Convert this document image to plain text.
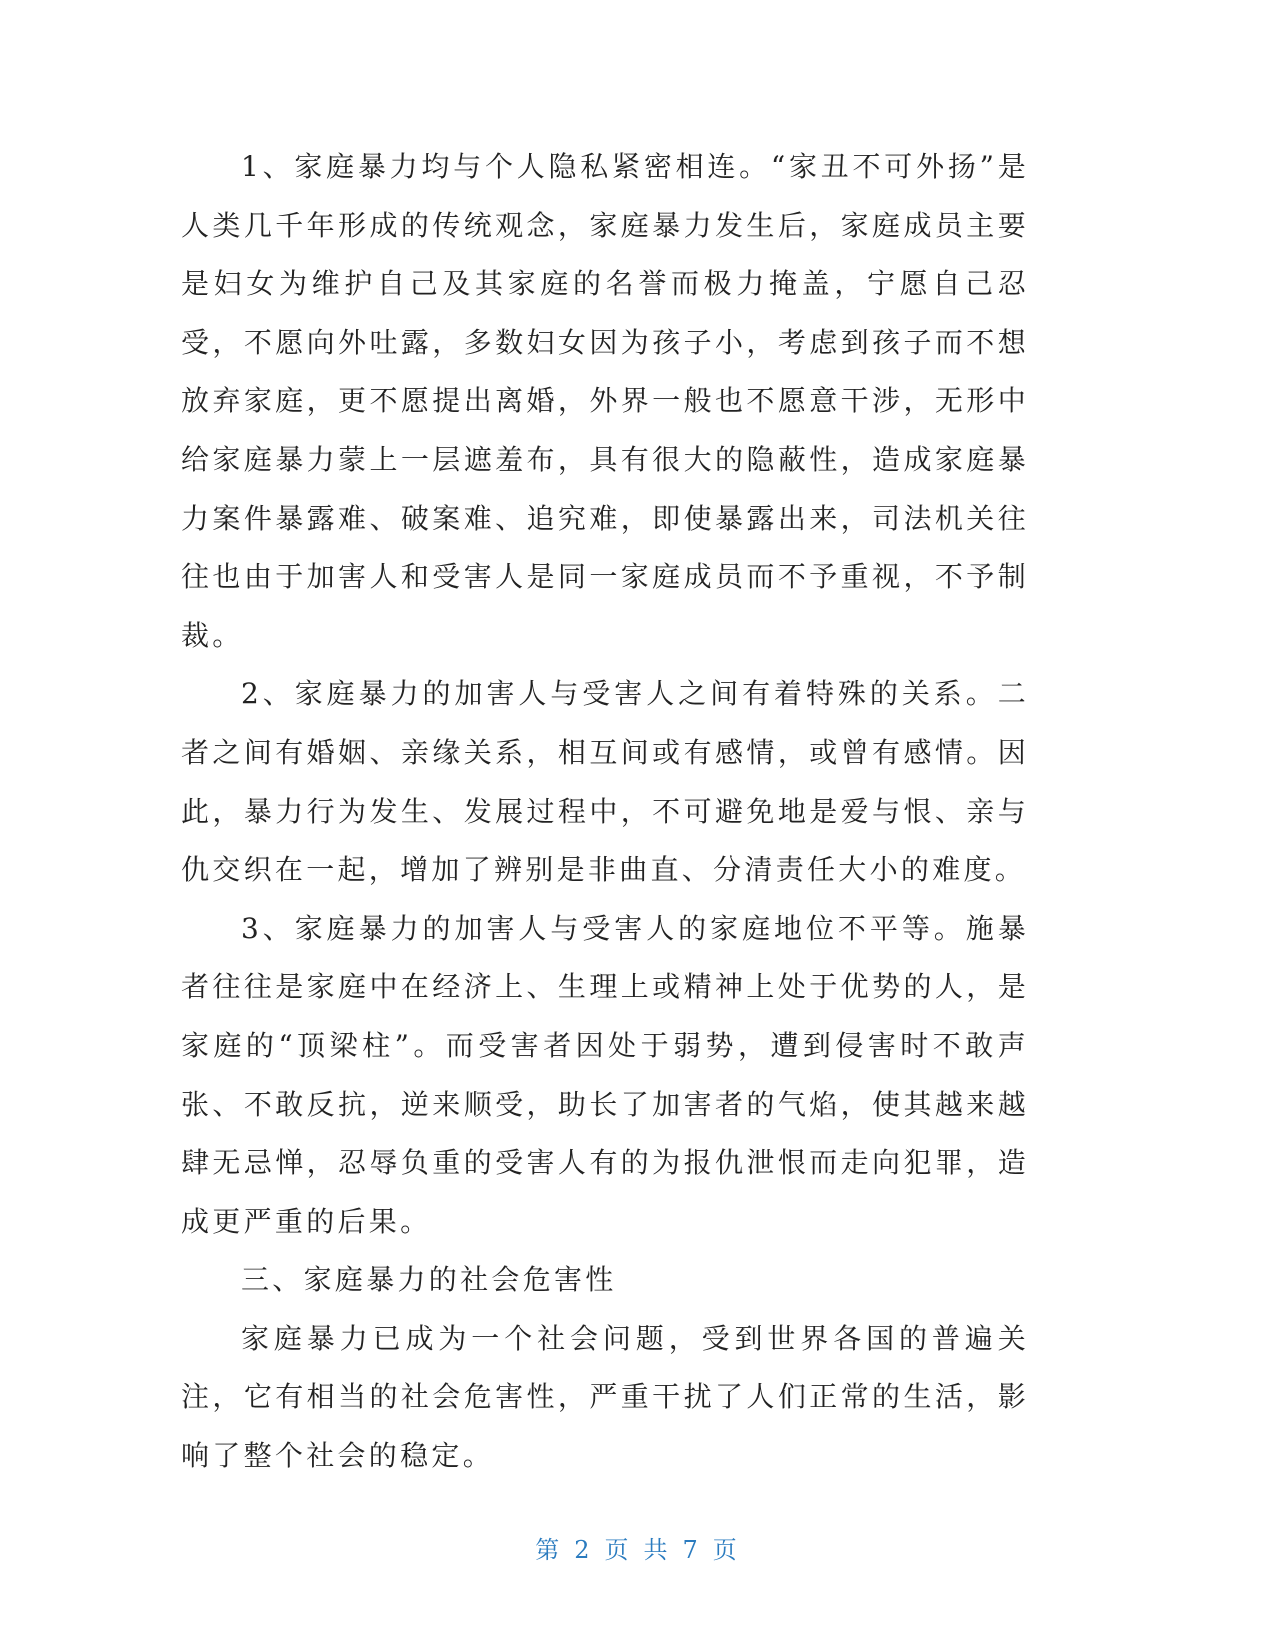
1、家庭暴力均与个人隐私紧密相连。“家丑不可外扬”是人类几千年形成的传统观念，家庭暴力发生后，家庭成员主要是妇女为维护自己及其家庭的名誉而极力掩盖，宁愿自己忍受，不愿向外吐露，多数妇女因为孩子小，考虑到孩子而不想放弃家庭，更不愿提出离婚，外界一般也不愿意干涉，无形中给家庭暴力蒙上一层遮羞布，具有很大的隐蔽性，造成家庭暴力案件暴露难、破案难、追究难，即使暴露出来，司法机关往往也由于加害人和受害人是同一家庭成员而不予重视，不予制裁。

2、家庭暴力的加害人与受害人之间有着特殊的关系。二者之间有婚姻、亲缘关系，相互间或有感情，或曾有感情。因此，暴力行为发生、发展过程中，不可避免地是爱与恨、亲与仇交织在一起，增加了辨别是非曲直、分清责任大小的难度。

3、家庭暴力的加害人与受害人的家庭地位不平等。施暴者往往是家庭中在经济上、生理上或精神上处于优势的人，是家庭的“顶梁柱”。而受害者因处于弱势，遭到侵害时不敢声张、不敢反抗，逆来顺受，助长了加害者的气焰，使其越来越肆无忌惮，忍辱负重的受害人有的为报仇泄恨而走向犯罪，造成更严重的后果。

三、家庭暴力的社会危害性

家庭暴力已成为一个社会问题，受到世界各国的普遍关注，它有相当的社会危害性，严重干扰了人们正常的生活，影响了整个社会的稳定。

第 2 页 共 7 页
